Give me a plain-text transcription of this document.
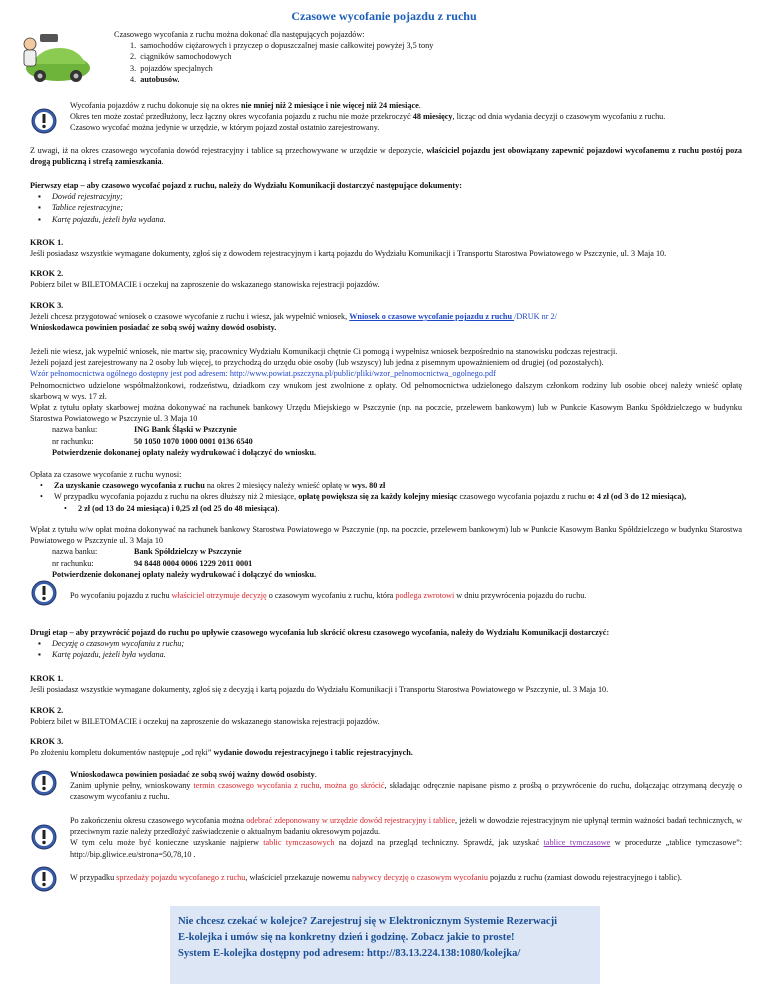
Czasowe wycofanie pojazdu z ruchu
Czasowego wycofania z ruchu można dokonać dla następujących pojazdów:
1.  samochodów ciężarowych i przyczep o dopuszczalnej masie całkowitej powyżej 3,5 tony
2.  ciągników samochodowych
3.  pojazdów specjalnych
4.  autobusów.
Wycofania pojazdów z ruchu dokonuje się na okres nie mniej niż 2 miesiące i nie więcej niż 24 miesiące.
Okres ten może zostać przedłużony, lecz łączny okres wycofania pojazdu z ruchu nie może przekroczyć 48 miesięcy, licząc od dnia wydania decyzji o czasowym wycofaniu z ruchu.
Czasowo wycofać można jedynie w urzędzie, w którym pojazd został ostatnio zarejestrowany.
Z uwagi, iż na okres czasowego wycofania dowód rejestracyjny i tablice są przechowywane w urzędzie w depozycie, właściciel pojazdu jest obowiązany zapewnić pojazdowi wycofanemu z ruchu postój poza drogą publiczną i strefą zamieszkania.
Pierwszy etap – aby czasowo wycofać pojazd z ruchu, należy do Wydziału Komunikacji dostarczyć następujące dokumenty:
▪ Dowód rejestracyjny;
▪ Tablice rejestracyjne;
▪ Kartę pojazdu, jeżeli była wydana.
KROK 1.
Jeśli posiadasz wszystkie wymagane dokumenty, zgłoś się z dowodem rejestracyjnym i kartą pojazdu do Wydziału Komunikacji i Transportu Starostwa Powiatowego w Pszczynie, ul. 3 Maja 10.
KROK 2.
Pobierz bilet w BILETOMACIE i oczekuj na zaproszenie do wskazanego stanowiska rejestracji pojazdów.
KROK 3.
Jeżeli chcesz przygotować wniosek o czasowe wycofanie z ruchu i wiesz, jak wypełnić wniosek, Wniosek o czasowe wycofanie pojazdu z ruchu /DRUK nr 2/
Wnioskodawca powinien posiadać ze sobą swój ważny dowód osobisty.
Jeżeli nie wiesz, jak wypełnić wniosek, nie martw się, pracownicy Wydziału Komunikacji chętnie Ci pomogą i wypełnisz wniosek bezpośrednio na stanowisku podczas rejestracji.
Jeżeli pojazd jest zarejestrowany na 2 osoby lub więcej, to przychodzą do urzędu obie osoby (lub wszyscy) lub jedna z pisemnym upoważnieniem od drugiej (od pozostałych).
Wzór pełnomocnictwa ogólnego dostępny jest pod adresem: http://www.powiat.pszczyna.pl/public/pliki/wzor_pelnomocnictwa_ogolnego.pdf
Pełnomocnictwo udzielone współmałżonkowi, rodzeństwu, dziadkom czy wnukom jest zwolnione z opłaty. Od pełnomocnictwa udzielonego dalszym członkom rodziny lub osobie obcej należy wnieść opłatę skarbową w wys. 17 zł.
Wpłat z tytułu opłaty skarbowej można dokonywać na rachunek bankowy Urzędu Miejskiego w Pszczynie (np. na poczcie, przelewem bankowym) lub w Punkcie Kasowym Banku Spółdzielczego w budynku Starostwa Powiatowego w Pszczynie ul. 3 Maja 10
nazwa banku:	ING Bank Śląski w Pszczynie
nr rachunku:	50 1050 1070 1000 0001 0136 6540
Potwierdzenie dokonanej opłaty należy wydrukować i dołączyć do wniosku.
Opłata za czasowe wycofanie z ruchu wynosi:
• Za uzyskanie czasowego wycofania z ruchu na okres 2 miesięcy należy wnieść opłatę w wys. 80 zł
• W przypadku wycofania pojazdu z ruchu na okres dłuższy niż 2 miesiące, opłatę powiększa się za każdy kolejny miesiąc czasowego wycofania pojazdu z ruchu o: 4 zł (od 3 do 12 miesiąca),
• 2 zł (od 13 do 24 miesiąca) i 0,25 zł (od 25 do 48 miesiąca).
Wpłat z tytułu w/w opłat można dokonywać na rachunek bankowy Starostwa Powiatowego w Pszczynie (np. na poczcie, przelewem bankowym) lub w Punkcie Kasowym Banku Spółdzielczego w budynku Starostwa Powiatowego w Pszczynie ul. 3 Maja 10
nazwa banku:	Bank Spółdzielczy w Pszczynie
nr rachunku:	94 8448 0004 0006 1229 2011 0001
Potwierdzenie dokonanej opłaty należy wydrukować i dołączyć do wniosku.
Po wycofaniu pojazdu z ruchu właściciel otrzymuje decyzję o czasowym wycofaniu z ruchu, która podlega zwrotowi w dniu przywrócenia pojazdu do ruchu.
Drugi etap – aby przywrócić pojazd do ruchu po upływie czasowego wycofania lub skrócić okresu czasowego wycofania, należy do Wydziału Komunikacji dostarczyć:
▪ Decyzję o czasowym wycofaniu z ruchu;
▪ Kartę pojazdu, jeżeli była wydana.
KROK 1.
Jeśli posiadasz wszystkie wymagane dokumenty, zgłoś się z decyzją i kartą pojazdu do Wydziału Komunikacji i Transportu Starostwa Powiatowego w Pszczynie, ul. 3 Maja 10.
KROK 2.
Pobierz bilet w BILETOMACIE i oczekuj na zaproszenie do wskazanego stanowiska rejestracji pojazdów.
KROK 3.
Po złożeniu kompletu dokumentów następuje „od ręki” wydanie dowodu rejestracyjnego i tablic rejestracyjnych.
Wnioskodawca powinien posiadać ze sobą swój ważny dowód osobisty.
Zanim upłynie pełny, wnioskowany termin czasowego wycofania z ruchu, można go skrócić, składając odręcznie napisane pismo z prośbą o przywrócenie do ruchu, dołączając otrzymaną decyzję o czasowym wycofaniu z ruchu.
Po zakończeniu okresu czasowego wycofania można odebrać zdeponowany w urzędzie dowód rejestracyjny i tablice, jeżeli w dowodzie rejestracyjnym nie upłynął termin ważności badań technicznych, w przeciwnym razie należy przedłożyć zaświadczenie o aktualnym badaniu okresowym pojazdu.
W tym celu może być konieczne uzyskanie najpierw tablic tymczasowych na dojazd na przegląd techniczny. Sprawdź, jak uzyskać tablice tymczasowe w procedurze „tablice tymczasowe”: http://bip.gliwice.eu/strona=50,78,10 .
W przypadku sprzedaży pojazdu wycofanego z ruchu, właściciel przekazuje nowemu nabywcy decyzję o czasowym wycofaniu pojazdu z ruchu (zamiast dowodu rejestracyjnego i tablic).
Nie chcesz czekać w kolejce? Zarejestruj się w Elektronicznym Systemie Rezerwacji
E-kolejka i umów się na konkretny dzień i godzinę. Zobacz jakie to proste!
System E-kolejka dostępny pod adresem: http://83.13.224.138:1080/kolejka/
